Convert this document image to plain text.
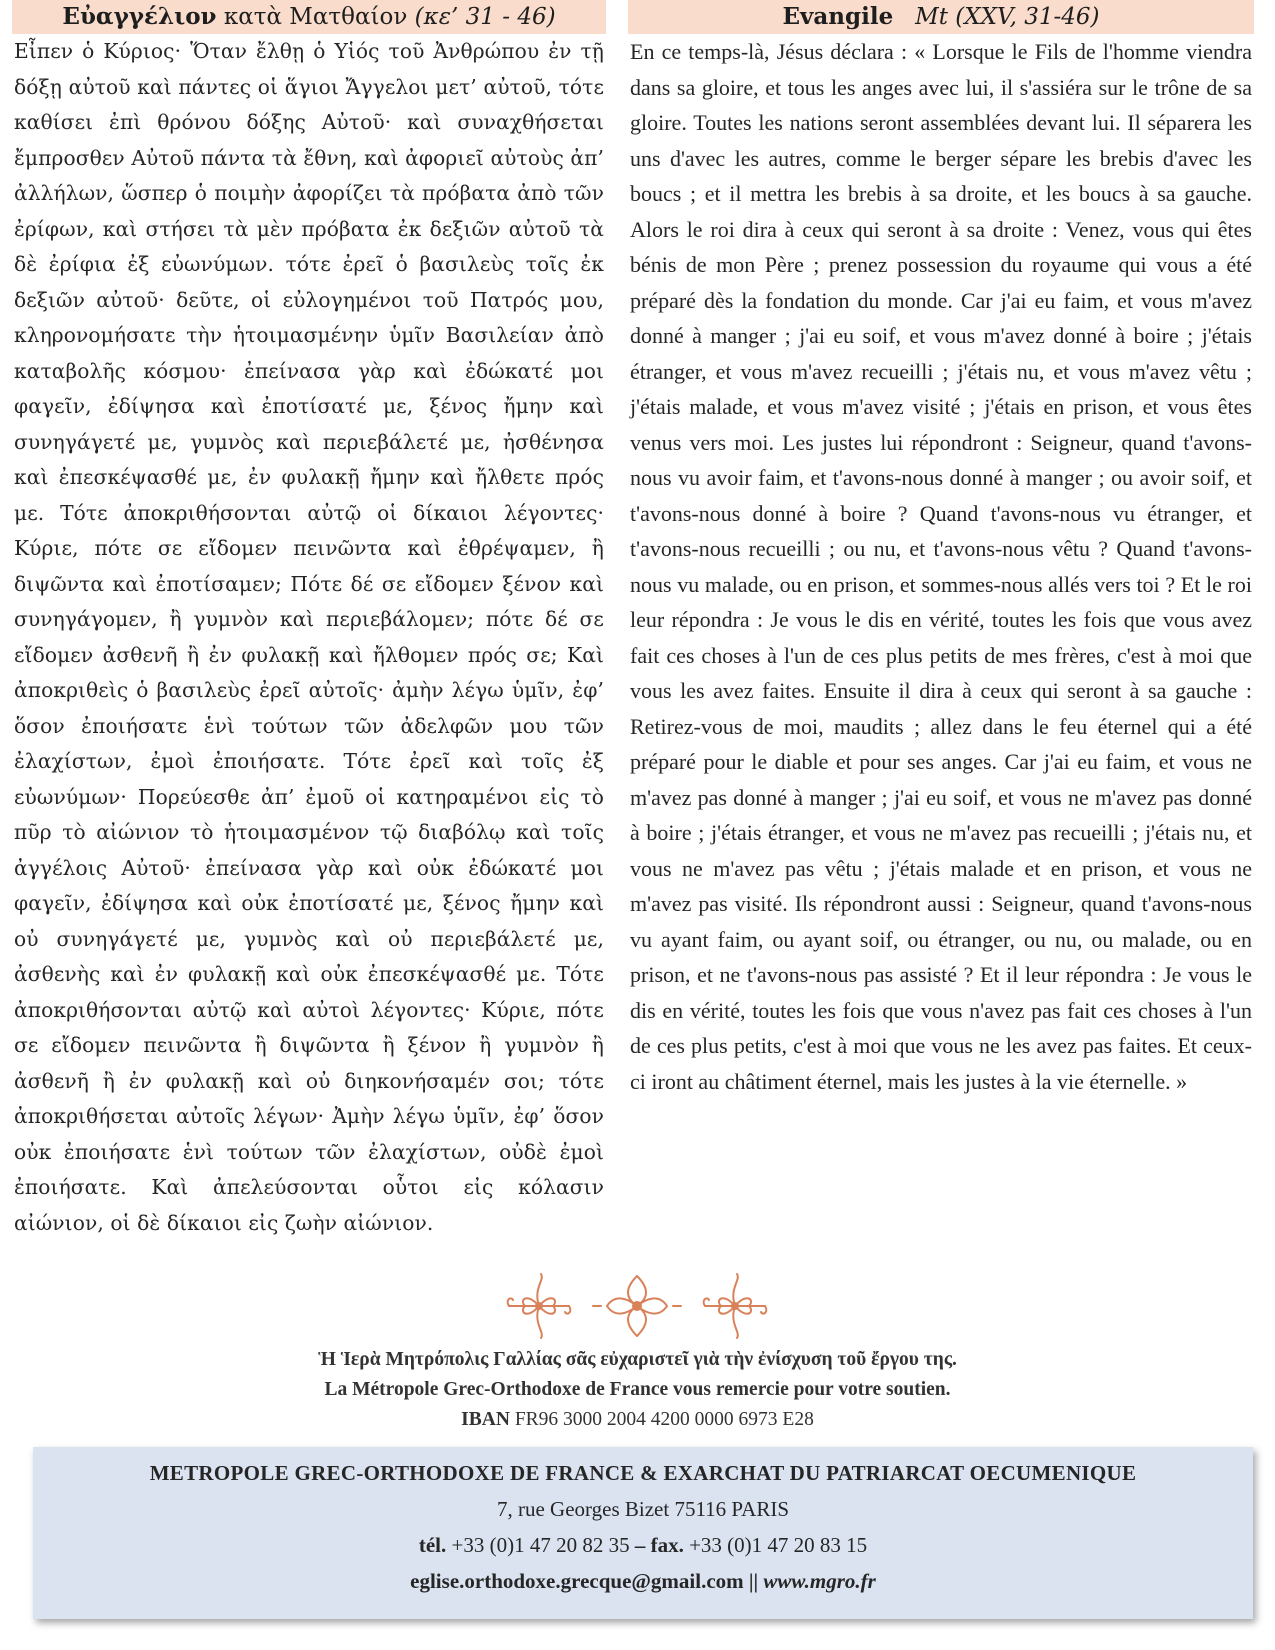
Εὐαγγέλιον κατὰ Ματθαίον (κε’ 31 - 46)

Εἶπεν ὁ Κύριος· Ὅταν ἔλθῃ ὁ Υἱός τοῦ Ἀνθρώπου ἐν τῇ δόξῃ αὐτοῦ καὶ πάντες οἱ ἅγιοι Ἄγγελοι μετ’ αὐτοῦ, τότε καθίσει ἐπὶ θρόνου δόξης Αὐτοῦ· καὶ συναχθήσεται ἔμπροσθεν Αὐτοῦ πάντα τὰ ἔθνη, καὶ ἀφοριεῖ αὐτοὺς ἀπ’ ἀλλήλων, ὥσπερ ὁ ποιμὴν ἀφορίζει τὰ πρόβατα ἀπὸ τῶν ἐρίφων, καὶ στήσει τὰ μὲν πρόβατα ἐκ δεξιῶν αὐτοῦ τὰ δὲ ἐρίφια ἐξ εὐωνύμων. τότε ἐρεῖ ὁ βασιλεὺς τοῖς ἐκ δεξιῶν αὐτοῦ· δεῦτε, οἱ εὐλογημένοι τοῦ Πατρός μου, κληρονομήσατε τὴν ἡτοιμασμένην ὑμῖν Βασιλείαν ἀπὸ καταβολῆς κόσμου· ἐπείνασα γὰρ καὶ ἐδώκατέ μοι φαγεῖν, ἐδίψησα καὶ ἐποτίσατέ με, ξένος ἤμην καὶ συνηγάγετέ με, γυμνὸς καὶ περιεβάλετέ με, ἠσθένησα καὶ ἐπεσκέψασθέ με, ἐν φυλακῇ ἤμην καὶ ἤλθετε πρός με. Τότε ἀποκριθήσονται αὐτῷ οἱ δίκαιοι λέγοντες· Κύριε, πότε σε εἴδομεν πεινῶντα καὶ ἐθρέψαμεν, ἢ διψῶντα καὶ ἐποτίσαμεν; Πότε δέ σε εἴδομεν ξένον καὶ συνηγάγομεν, ἢ γυμνὸν καὶ περιεβάλομεν; πότε δέ σε εἴδομεν ἀσθενῆ ἢ ἐν φυλακῇ καὶ ἤλθομεν πρός σε; Καὶ ἀποκριθεὶς ὁ βασιλεὺς ἐρεῖ αὐτοῖς· ἀμὴν λέγω ὑμῖν, ἐφ’ ὅσον ἐποιήσατε ἑνὶ τούτων τῶν ἀδελφῶν μου τῶν ἐλαχίστων, ἐμοὶ ἐποιήσατε. Τότε ἐρεῖ καὶ τοῖς ἐξ εὐωνύμων· Πορεύεσθε ἀπ’ ἐμοῦ οἱ κατηραμένοι εἰς τὸ πῦρ τὸ αἰώνιον τὸ ἡτοιμασμένον τῷ διαβόλῳ καὶ τοῖς ἀγγέλοις Αὐτοῦ· ἐπείνασα γὰρ καὶ οὐκ ἐδώκατέ μοι φαγεῖν, ἐδίψησα καὶ οὐκ ἐποτίσατέ με, ξένος ἤμην καὶ οὐ συνηγάγετέ με, γυμνὸς καὶ οὐ περιεβάλετέ με, ἀσθενὴς καὶ ἐν φυλακῇ καὶ οὐκ ἐπεσκέψασθέ με. Τότε ἀποκριθήσονται αὐτῷ καὶ αὐτοὶ λέγοντες· Κύριε, πότε σε εἴδομεν πεινῶντα ἢ διψῶντα ἢ ξένον ἢ γυμνὸν ἢ ἀσθενῆ ἢ ἐν φυλακῇ καὶ οὐ διηκονήσαμέν σοι; τότε ἀποκριθήσεται αὐτοῖς λέγων· Ἀμὴν λέγω ὑμῖν, ἐφ’ ὅσον οὐκ ἐποιήσατε ἑνὶ τούτων τῶν ἐλαχίστων, οὐδὲ ἐμοὶ ἐποιήσατε. Καὶ ἀπελεύσονται οὗτοι εἰς κόλασιν αἰώνιον, οἱ δὲ δίκαιοι εἰς ζωὴν αἰώνιον.

Evangile Mt (XXV, 31-46)

En ce temps-là, Jésus déclara : « Lorsque le Fils de l'homme viendra dans sa gloire, et tous les anges avec lui, il s'assiéra sur le trône de sa gloire. Toutes les nations seront assemblées devant lui. Il séparera les uns d'avec les autres, comme le berger sépare les brebis d'avec les boucs ; et il mettra les brebis à sa droite, et les boucs à sa gauche. Alors le roi dira à ceux qui seront à sa droite : Venez, vous qui êtes bénis de mon Père ; prenez possession du royaume qui vous a été préparé dès la fondation du monde. Car j'ai eu faim, et vous m'avez donné à manger ; j'ai eu soif, et vous m'avez donné à boire ; j'étais étranger, et vous m'avez recueilli ; j'étais nu, et vous m'avez vêtu ; j'étais malade, et vous m'avez visité ; j'étais en prison, et vous êtes venus vers moi. Les justes lui répondront : Seigneur, quand t'avons-nous vu avoir faim, et t'avons-nous donné à manger ; ou avoir soif, et t'avons-nous donné à boire ? Quand t'avons-nous vu étranger, et t'avons-nous recueilli ; ou nu, et t'avons-nous vêtu ? Quand t'avons-nous vu malade, ou en prison, et sommes-nous allés vers toi ? Et le roi leur répondra : Je vous le dis en vérité, toutes les fois que vous avez fait ces choses à l'un de ces plus petits de mes frères, c'est à moi que vous les avez faites. Ensuite il dira à ceux qui seront à sa gauche : Retirez-vous de moi, maudits ; allez dans le feu éternel qui a été préparé pour le diable et pour ses anges. Car j'ai eu faim, et vous ne m'avez pas donné à manger ; j'ai eu soif, et vous ne m'avez pas donné à boire ; j'étais étranger, et vous ne m'avez pas recueilli ; j'étais nu, et vous ne m'avez pas vêtu ; j'étais malade et en prison, et vous ne m'avez pas visité. Ils répondront aussi : Seigneur, quand t'avons-nous vu ayant faim, ou ayant soif, ou étranger, ou nu, ou malade, ou en prison, et ne t'avons-nous pas assisté ? Et il leur répondra : Je vous le dis en vérité, toutes les fois que vous n'avez pas fait ces choses à l'un de ces plus petits, c'est à moi que vous ne les avez pas faites. Et ceux-ci iront au châtiment éternel, mais les justes à la vie éternelle. »

Ἡ Ἱερὰ Μητρόπολις Γαλλίας σᾶς εὐχαριστεῖ γιὰ τὴν ἐνίσχυση τοῦ ἔργου της.
La Métropole Grec-Orthodoxe de France vous remercie pour votre soutien.
IBAN FR96 3000 2004 4200 0000 6973 E28
METROPOLE GREC-ORTHODOXE DE FRANCE & EXARCHAT DU PATRIARCAT OECUMENIQUE
7, rue Georges Bizet 75116 PARIS
tél. +33 (0)1 47 20 82 35 – fax. +33 (0)1 47 20 83 15
eglise.orthodoxe.grecque@gmail.com || www.mgro.fr
